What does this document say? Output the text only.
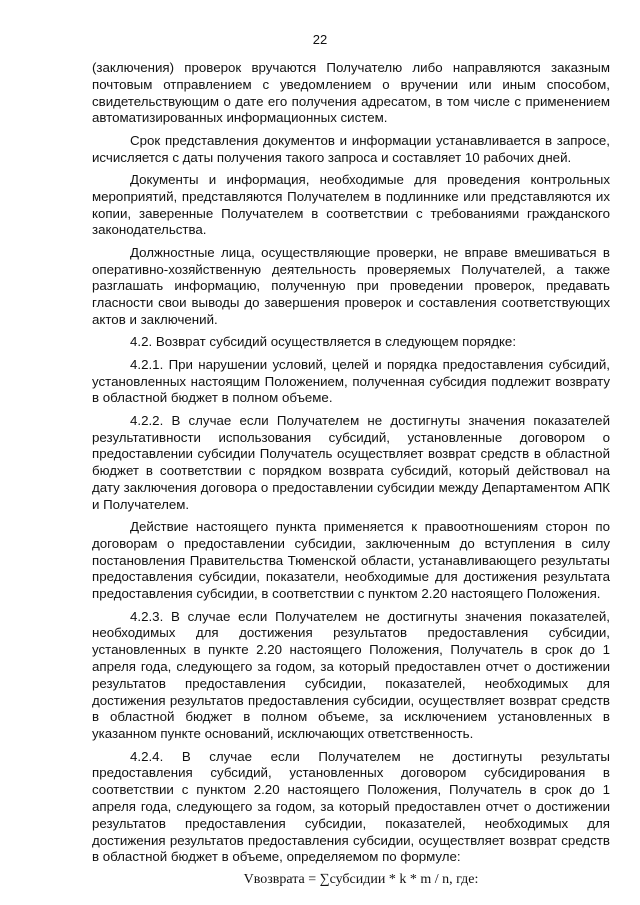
22

(заключения) проверок вручаются Получателю либо направляются заказным почтовым отправлением с уведомлением о вручении или иным способом, свидетельствующим о дате его получения адресатом, в том числе с применением автоматизированных информационных систем.

Срок представления документов и информации устанавливается в запросе, исчисляется с даты получения такого запроса и составляет 10 рабочих дней.

Документы и информация, необходимые для проведения контрольных мероприятий, представляются Получателем в подлиннике или представляются их копии, заверенные Получателем в соответствии с требованиями гражданского законодательства.

Должностные лица, осуществляющие проверки, не вправе вмешиваться в оперативно-хозяйственную деятельность проверяемых Получателей, а также разглашать информацию, полученную при проведении проверок, предавать гласности свои выводы до завершения проверок и составления соответствующих актов и заключений.

4.2. Возврат субсидий осуществляется в следующем порядке:

4.2.1. При нарушении условий, целей и порядка предоставления субсидий, установленных настоящим Положением, полученная субсидия подлежит возврату в областной бюджет в полном объеме.

4.2.2. В случае если Получателем не достигнуты значения показателей результативности использования субсидий, установленные договором о предоставлении субсидии Получатель осуществляет возврат средств в областной бюджет в соответствии с порядком возврата субсидий, который действовал на дату заключения договора о предоставлении субсидии между Департаментом АПК и Получателем.

Действие настоящего пункта применяется к правоотношениям сторон по договорам о предоставлении субсидии, заключенным до вступления в силу постановления Правительства Тюменской области, устанавливающего результаты предоставления субсидии, показатели, необходимые для достижения результата предоставления субсидии, в соответствии с пунктом 2.20 настоящего Положения.

4.2.3. В случае если Получателем не достигнуты значения показателей, необходимых для достижения результатов предоставления субсидии, установленных в пункте 2.20 настоящего Положения, Получатель в срок до 1 апреля года, следующего за годом, за который предоставлен отчет о достижении результатов предоставления субсидии, показателей, необходимых для достижения результатов предоставления субсидии, осуществляет возврат средств в областной бюджет в полном объеме, за исключением установленных в указанном пункте оснований, исключающих ответственность.

4.2.4. В случае если Получателем не достигнуты результаты предоставления субсидий, установленных договором субсидирования в соответствии с пунктом 2.20 настоящего Положения, Получатель в срок до 1 апреля года, следующего за годом, за который предоставлен отчет о достижении результатов предоставления субсидии, показателей, необходимых для достижения результатов предоставления субсидии, осуществляет возврат средств в областной бюджет в объеме, определяемом по формуле:

Vвозврата = ∑субсидии * k * m / n, где:
